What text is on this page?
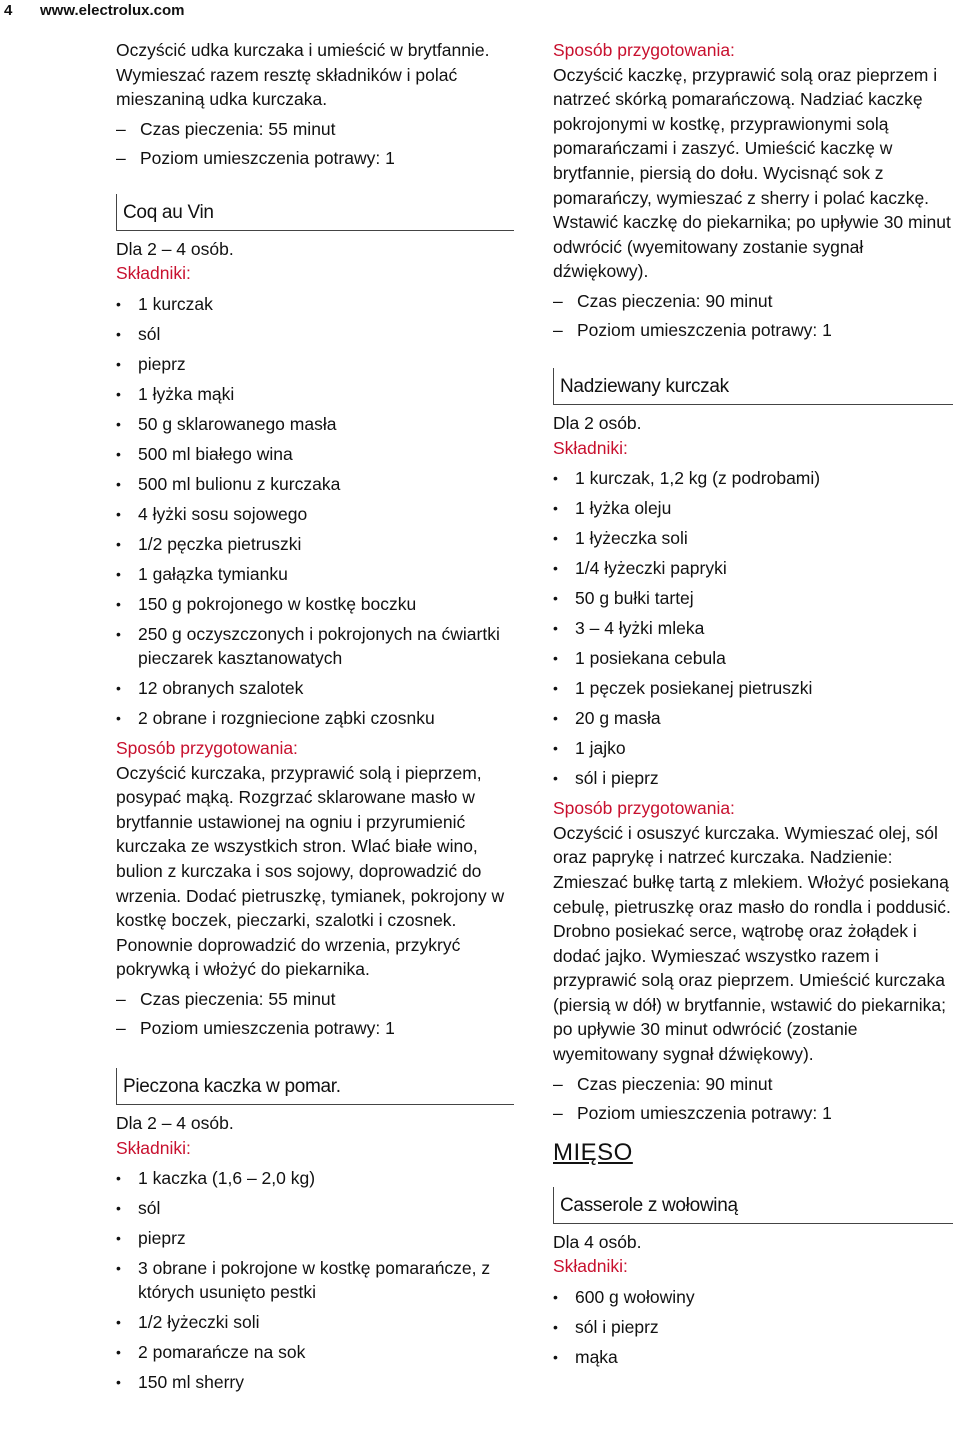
4 www.electrolux.com
Oczyścić udka kurczaka i umieścić w brytfannie. Wymieszać razem resztę składników i polać mieszaniną udka kurczaka.
– Czas pieczenia: 55 minut
– Poziom umieszczenia potrawy: 1
Coq au Vin
Dla 2 – 4 osób.
Składniki:
• 1 kurczak
• sól
• pieprz
• 1 łyżka mąki
• 50 g sklarowanego masła
• 500 ml białego wina
• 500 ml bulionu z kurczaka
• 4 łyżki sosu sojowego
• 1/2 pęczka pietruszki
• 1 gałązka tymianku
• 150 g pokrojonego w kostkę boczku
• 250 g oczyszczonych i pokrojonych na ćwiartki pieczarek kasztanowatych
• 12 obranych szalotek
• 2 obrane i rozgniecione ząbki czosnku
Sposób przygotowania:
Oczyścić kurczaka, przyprawić solą i pieprzem, posypać mąką. Rozgrzać sklarowane masło w brytfannie ustawionej na ogniu i przyrumienić kurczaka ze wszystkich stron. Wlać białe wino, bulion z kurczaka i sos sojowy, doprowadzić do wrzenia. Dodać pietruszkę, tymianek, pokrojony w kostkę boczek, pieczarki, szalotki i czosnek. Ponownie doprowadzić do wrzenia, przykryć pokrywką i włożyć do piekarnika.
– Czas pieczenia: 55 minut
– Poziom umieszczenia potrawy: 1
Pieczona kaczka w pomar.
Dla 2 – 4 osób.
Składniki:
• 1 kaczka (1,6 – 2,0 kg)
• sól
• pieprz
• 3 obrane i pokrojone w kostkę pomarańcze, z których usunięto pestki
• 1/2 łyżeczki soli
• 2 pomarańcze na sok
• 150 ml sherry
Sposób przygotowania:
Oczyścić kaczkę, przyprawić solą oraz pieprzem i natrzeć skórką pomarańczową. Nadziać kaczkę pokrojonymi w kostkę, przyprawionymi solą pomarańczami i zaszyć. Umieścić kaczkę w brytfannie, piersią do dołu. Wycisnąć sok z pomarańczy, wymieszać z sherry i polać kaczkę. Wstawić kaczkę do piekarnika; po upływie 30 minut odwrócić (wyemitowany zostanie sygnał dźwiękowy).
– Czas pieczenia: 90 minut
– Poziom umieszczenia potrawy: 1
Nadziewany kurczak
Dla 2 osób.
Składniki:
• 1 kurczak, 1,2 kg (z podrobami)
• 1 łyżka oleju
• 1 łyżeczka soli
• 1/4 łyżeczki papryki
• 50 g bułki tartej
• 3 – 4 łyżki mleka
• 1 posiekana cebula
• 1 pęczek posiekanej pietruszki
• 20 g masła
• 1 jajko
• sól i pieprz
Sposób przygotowania:
Oczyścić i osuszyć kurczaka. Wymieszać olej, sól oraz paprykę i natrzeć kurczaka. Nadzienie: Zmieszać bułkę tartą z mlekiem. Włożyć posiekaną cebulę, pietruszkę oraz masło do rondla i poddusić. Drobno posiekać serce, wątrobę oraz żołądek i dodać jajko. Wymieszać wszystko razem i przyprawić solą oraz pieprzem. Umieścić kurczaka (piersią w dół) w brytfannie, wstawić do piekarnika; po upływie 30 minut odwrócić (zostanie wyemitowany sygnał dźwiękowy).
– Czas pieczenia: 90 minut
– Poziom umieszczenia potrawy: 1
MIĘSO
Casserole z wołowiną
Dla 4 osób.
Składniki:
• 600 g wołowiny
• sól i pieprz
• mąka
